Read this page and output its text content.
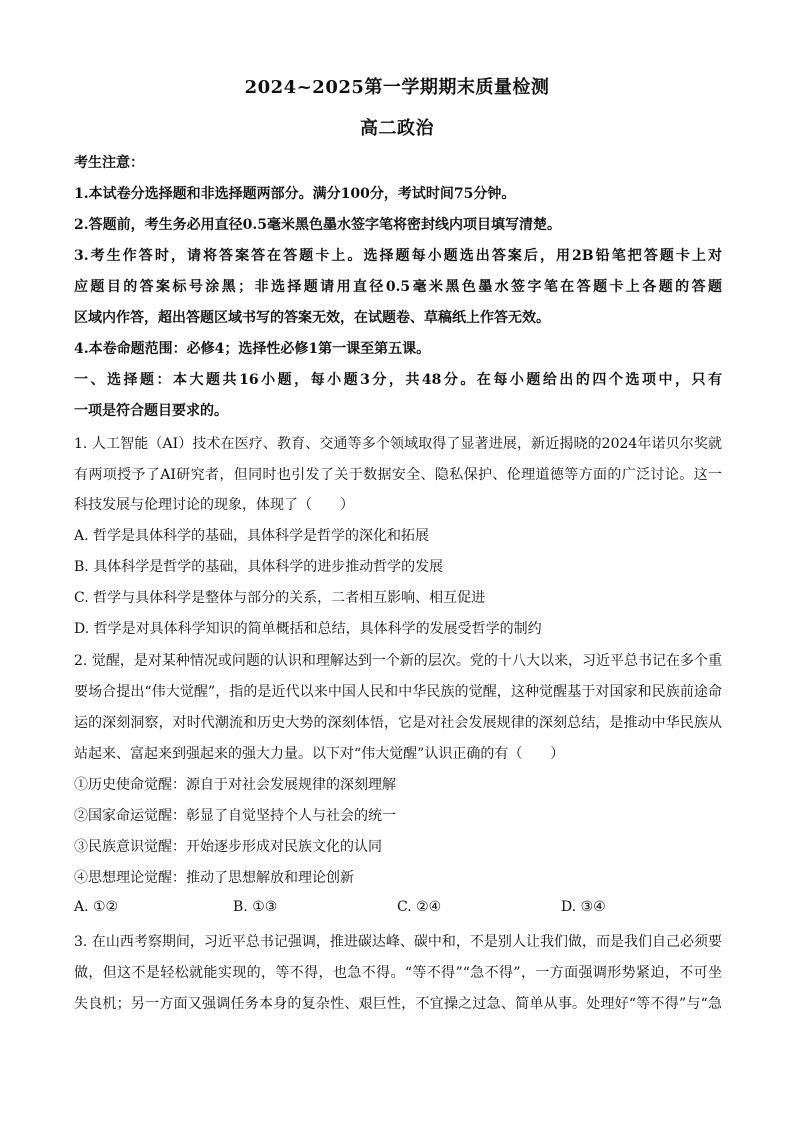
2024~2025第一学期期末质量检测
高二政治
考生注意：
1.本试卷分选择题和非选择题两部分。满分100分，考试时间75分钟。
2.答题前，考生务必用直径0.5毫米黑色墨水签字笔将密封线内项目填写清楚。
3.考生作答时，请将答案答在答题卡上。选择题每小题选出答案后，用2B铅笔把答题卡上对
应题目的答案标号涂黑；非选择题请用直径0.5毫米黑色墨水签字笔在答题卡上各题的答题
区域内作答，超出答题区域书写的答案无效，在试题卷、草稿纸上作答无效。
4.本卷命题范围：必修4；选择性必修1第一课至第五课。
一、选择题：本大题共16小题，每小题3分，共48分。在每小题给出的四个选项中，只有
一项是符合题目要求的。
1. 人工智能（AI）技术在医疗、教育、交通等多个领域取得了显著进展，新近揭晓的2024年诺贝尔奖就
有两项授予了AI研究者，但同时也引发了关于数据安全、隐私保护、伦理道德等方面的广泛讨论。这一
科技发展与伦理讨论的现象，体现了（　　）
A. 哲学是具体科学的基础，具体科学是哲学的深化和拓展
B. 具体科学是哲学的基础，具体科学的进步推动哲学的发展
C. 哲学与具体科学是整体与部分的关系，二者相互影响、相互促进
D. 哲学是对具体科学知识的简单概括和总结，具体科学的发展受哲学的制约
2. 觉醒，是对某种情况或问题的认识和理解达到一个新的层次。党的十八大以来，习近平总书记在多个重
要场合提出“伟大觉醒”，指的是近代以来中国人民和中华民族的觉醒，这种觉醒基于对国家和民族前途命
运的深刻洞察，对时代潮流和历史大势的深刻体悟，它是对社会发展规律的深刻总结，是推动中华民族从
站起来、富起来到强起来的强大力量。以下对“伟大觉醒”认识正确的有（　　）
①历史使命觉醒：源自于对社会发展规律的深刻理解
②国家命运觉醒：彰显了自觉坚持个人与社会的统一
③民族意识觉醒：开始逐步形成对民族文化的认同
④思想理论觉醒：推动了思想解放和理论创新
A. ①②	B. ①③	C. ②④	D. ③④
3. 在山西考察期间，习近平总书记强调，推进碳达峰、碳中和，不是别人让我们做，而是我们自己必须要
做，但这不是轻松就能实现的，等不得，也急不得。“等不得”“急不得”，一方面强调形势紧迫，不可坐
失良机；另一方面又强调任务本身的复杂性、艰巨性，不宜操之过急、简单从事。处理好“等不得”与“急
